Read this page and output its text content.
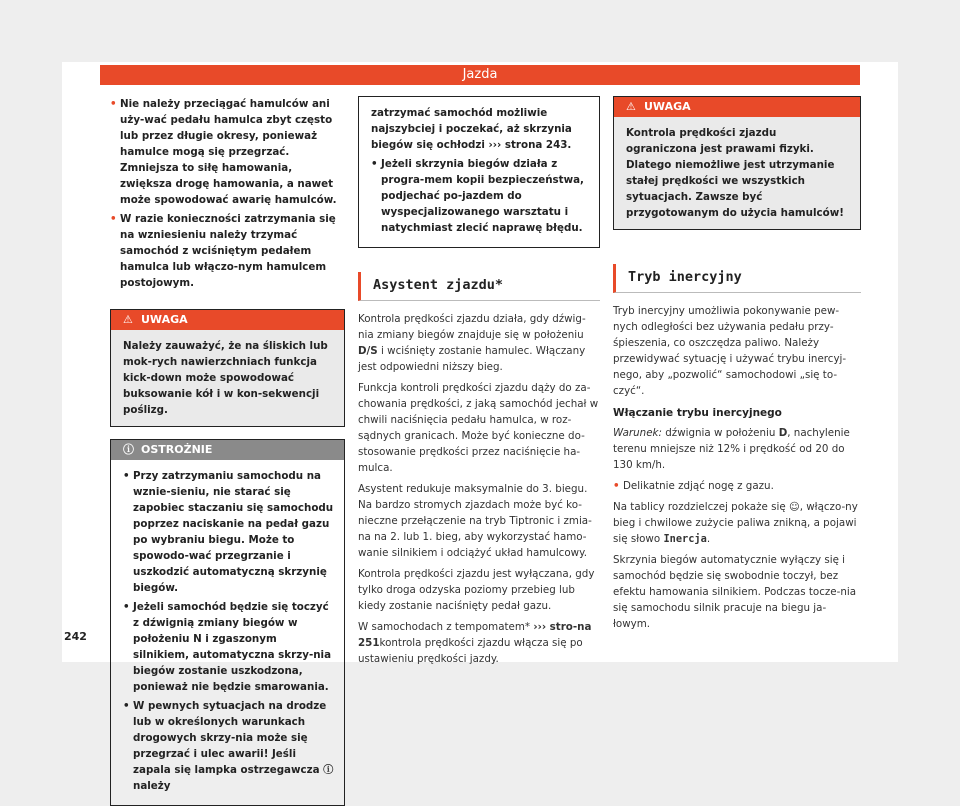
Jazda
• Nie należy przeciągać hamulców ani uży-wać pedału hamulca zbyt często lub przez długie okresy, ponieważ hamulce mogą się przegrzać. Zmniejsza to siłę hamowania, zwiększa drogę hamowania, a nawet może spowodować awarię hamulców.
• W razie konieczności zatrzymania się na wzniesieniu należy trzymać samochód z wciśniętym pedałem hamulca lub włączo-nym hamulcem postojowym.
⚠ UWAGA

Należy zauważyć, że na śliskich lub mok-rych nawierzchniach funkcja kick-down może spowodować buksowanie kół i w kon-sekwencji poślizg.

ⓘ OSTROŻNIE
• Przy zatrzymaniu samochodu na wznie-sieniu, nie starać się zapobiec staczaniu się samochodu poprzez naciskanie na pedał gazu po wybraniu biegu. Może to spowodo-wać przegrzanie i uszkodzić automatyczną skrzynię biegów.
• Jeżeli samochód będzie się toczyć z dźwignią zmiany biegów w położeniu N i zgaszonym silnikiem, automatyczna skrzy-nia biegów zostanie uszkodzona, ponieważ nie będzie smarowania.
• W pewnych sytuacjach na drodze lub w określonych warunkach drogowych skrzy-nia może się przegrzać i ulec awarii! Jeśli zapala się lampka ostrzegawcza ⓘ należy

zatrzymać samochód możliwie najszybciej i poczekać, aż skrzynia biegów się ochłodzi ››› strona 243.

• Jeżeli skrzynia biegów działa z progra-mem kopii bezpieczeństwa, podjechać po-jazdem do wyspecjalizowanego warsztatu i natychmiast zlecić naprawę błędu.
Asystent zjazdu*

Kontrola prędkości zjazdu działa, gdy dźwig-nia zmiany biegów znajduje się w położeniu D/S i wciśnięty zostanie hamulec. Włączany jest odpowiedni niższy bieg.

Funkcja kontroli prędkości zjazdu dąży do za-chowania prędkości, z jaką samochód jechał w chwili naciśnięcia pedału hamulca, w roz-sądnych granicach. Może być konieczne do-stosowanie prędkości przez naciśnięcie ha-mulca.

Asystent redukuje maksymalnie do 3. biegu. Na bardzo stromych zjazdach może być ko-nieczne przełączenie na tryb Tiptronic i zmia-na na 2. lub 1. bieg, aby wykorzystać hamo-wanie silnikiem i odciążyć układ hamulcowy.

Kontrola prędkości zjazdu jest wyłączana, gdy tylko droga odzyska poziomy przebieg lub kiedy zostanie naciśnięty pedał gazu.

W samochodach z tempomatem* ››› stro-na 251kontrola prędkości zjazdu włącza się po ustawieniu prędkości jazdy.

⚠ UWAGA

Kontrola prędkości zjazdu ograniczona jest prawami fizyki. Dlatego niemożliwe jest utrzymanie stałej prędkości we wszystkich sytuacjach. Zawsze być przygotowanym do użycia hamulców!

Tryb inercyjny

Tryb inercyjny umożliwia pokonywanie pew-nych odległości bez używania pedału przy-śpieszenia, co oszczędza paliwo. Należy przewidywać sytuację i używać trybu inercyj-nego, aby „pozwolić“ samochodowi „się to-czyć“.

Włączanie trybu inercyjnego

Warunek: dźwignia w położeniu D, nachylenie terenu mniejsze niż 12% i prędkość od 20 do 130 km/h.

• Delikatnie zdjąć nogę z gazu.

Na tablicy rozdzielczej pokaże się ☺, włączo-ny bieg i chwilowe zużycie paliwa znikną, a pojawi się słowo Inercja.

Skrzynia biegów automatycznie wyłączy się i samochód będzie się swobodnie toczył, bez efektu hamowania silnikiem. Podczas tocze-nia się samochodu silnik pracuje na biegu ja-łowym.

242
